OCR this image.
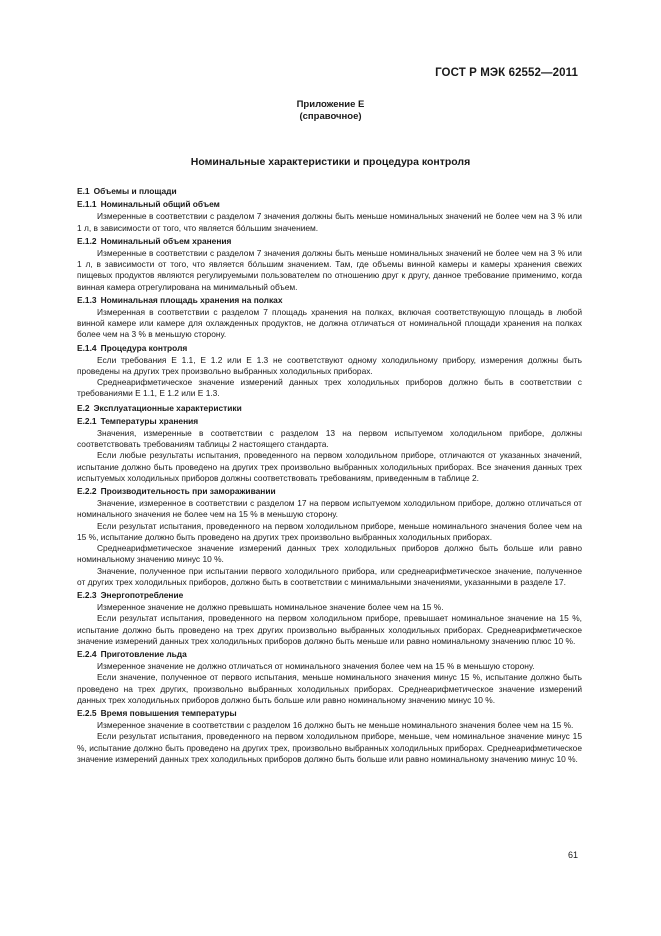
ГОСТ Р МЭК 62552—2011
Приложение Е
(справочное)
Номинальные характеристики и процедура контроля

Е.1 Объемы и площади

Е.1.1 Номинальный общий объем

Измеренные в соответствии с разделом 7 значения должны быть меньше номинальных значений не более чем на 3 % или 1 л, в зависимости от того, что является бóльшим значением.

Е.1.2 Номинальный объем хранения

Измеренные в соответствии с разделом 7 значения должны быть меньше номинальных значений не более чем на 3 % или 1 л, в зависимости от того, что является бóльшим значением. Там, где объемы винной камеры и камеры хранения свежих пищевых продуктов являются регулируемыми пользователем по отношению друг к другу, данное требование применимо, когда винная камера отрегулирована на минимальный объем.

Е.1.3 Номинальная площадь хранения на полках

Измеренная в соответствии с разделом 7 площадь хранения на полках, включая соответствующую площадь в любой винной камере или камере для охлажденных продуктов, не должна отличаться от номинальной площади хранения на полках более чем на 3 % в меньшую сторону.

Е.1.4 Процедура контроля

Если требования Е 1.1, Е 1.2 или Е 1.3 не соответствуют одному холодильному прибору, измерения должны быть проведены на других трех произвольно выбранных холодильных приборах.

Среднеарифметическое значение измерений данных трех холодильных приборов должно быть в соответствии с требованиями Е 1.1, Е 1.2 или Е 1.3.

Е.2 Эксплуатационные характеристики

Е.2.1 Температуры хранения

Значения, измеренные в соответствии с разделом 13 на первом испытуемом холодильном приборе, должны соответствовать требованиям таблицы 2 настоящего стандарта.

Если любые результаты испытания, проведенного на первом холодильном приборе, отличаются от указанных значений, испытание должно быть проведено на других трех произвольно выбранных холодильных приборах. Все значения данных трех испытуемых холодильных приборов должны соответствовать требованиям, приведенным в таблице 2.

Е.2.2 Производительность при замораживании

Значение, измеренное в соответствии с разделом 17 на первом испытуемом холодильном приборе, должно отличаться от номинального значения не более чем на 15 % в меньшую сторону.

Если результат испытания, проведенного на первом холодильном приборе, меньше номинального значения более чем на 15 %, испытание должно быть проведено на других трех произвольно выбранных холодильных приборах.

Среднеарифметическое значение измерений данных трех холодильных приборов должно быть больше или равно номинальному значению минус 10 %.

Значение, полученное при испытании первого холодильного прибора, или среднеарифметическое значение, полученное от других трех холодильных приборов, должно быть в соответствии с минимальными значениями, указанными в разделе 17.

Е.2.3 Энергопотребление

Измеренное значение не должно превышать номинальное значение более чем на 15 %.

Если результат испытания, проведенного на первом холодильном приборе, превышает номинальное значение на 15 %, испытание должно быть проведено на трех других произвольно выбранных холодильных приборах. Среднеарифметическое значение измерений данных трех холодильных приборов должно быть меньше или равно номинальному значению плюс 10 %.

Е.2.4 Приготовление льда

Измеренное значение не должно отличаться от номинального значения более чем на 15 % в меньшую сторону.

Если значение, полученное от первого испытания, меньше номинального значения минус 15 %, испытание должно быть проведено на трех других, произвольно выбранных холодильных приборах. Среднеарифметическое значение измерений данных трех холодильных приборов должно быть больше или равно номинальному значению минус 10 %.

Е.2.5 Время повышения температуры

Измеренное значение в соответствии с разделом 16 должно быть не меньше номинального значения более чем на 15 %.

Если результат испытания, проведенного на первом холодильном приборе, меньше, чем номинальное значение минус 15 %, испытание должно быть проведено на других трех, произвольно выбранных холодильных приборах. Среднеарифметическое значение измерений данных трех холодильных приборов должно быть больше или равно номинальному значению минус 10 %.

61
